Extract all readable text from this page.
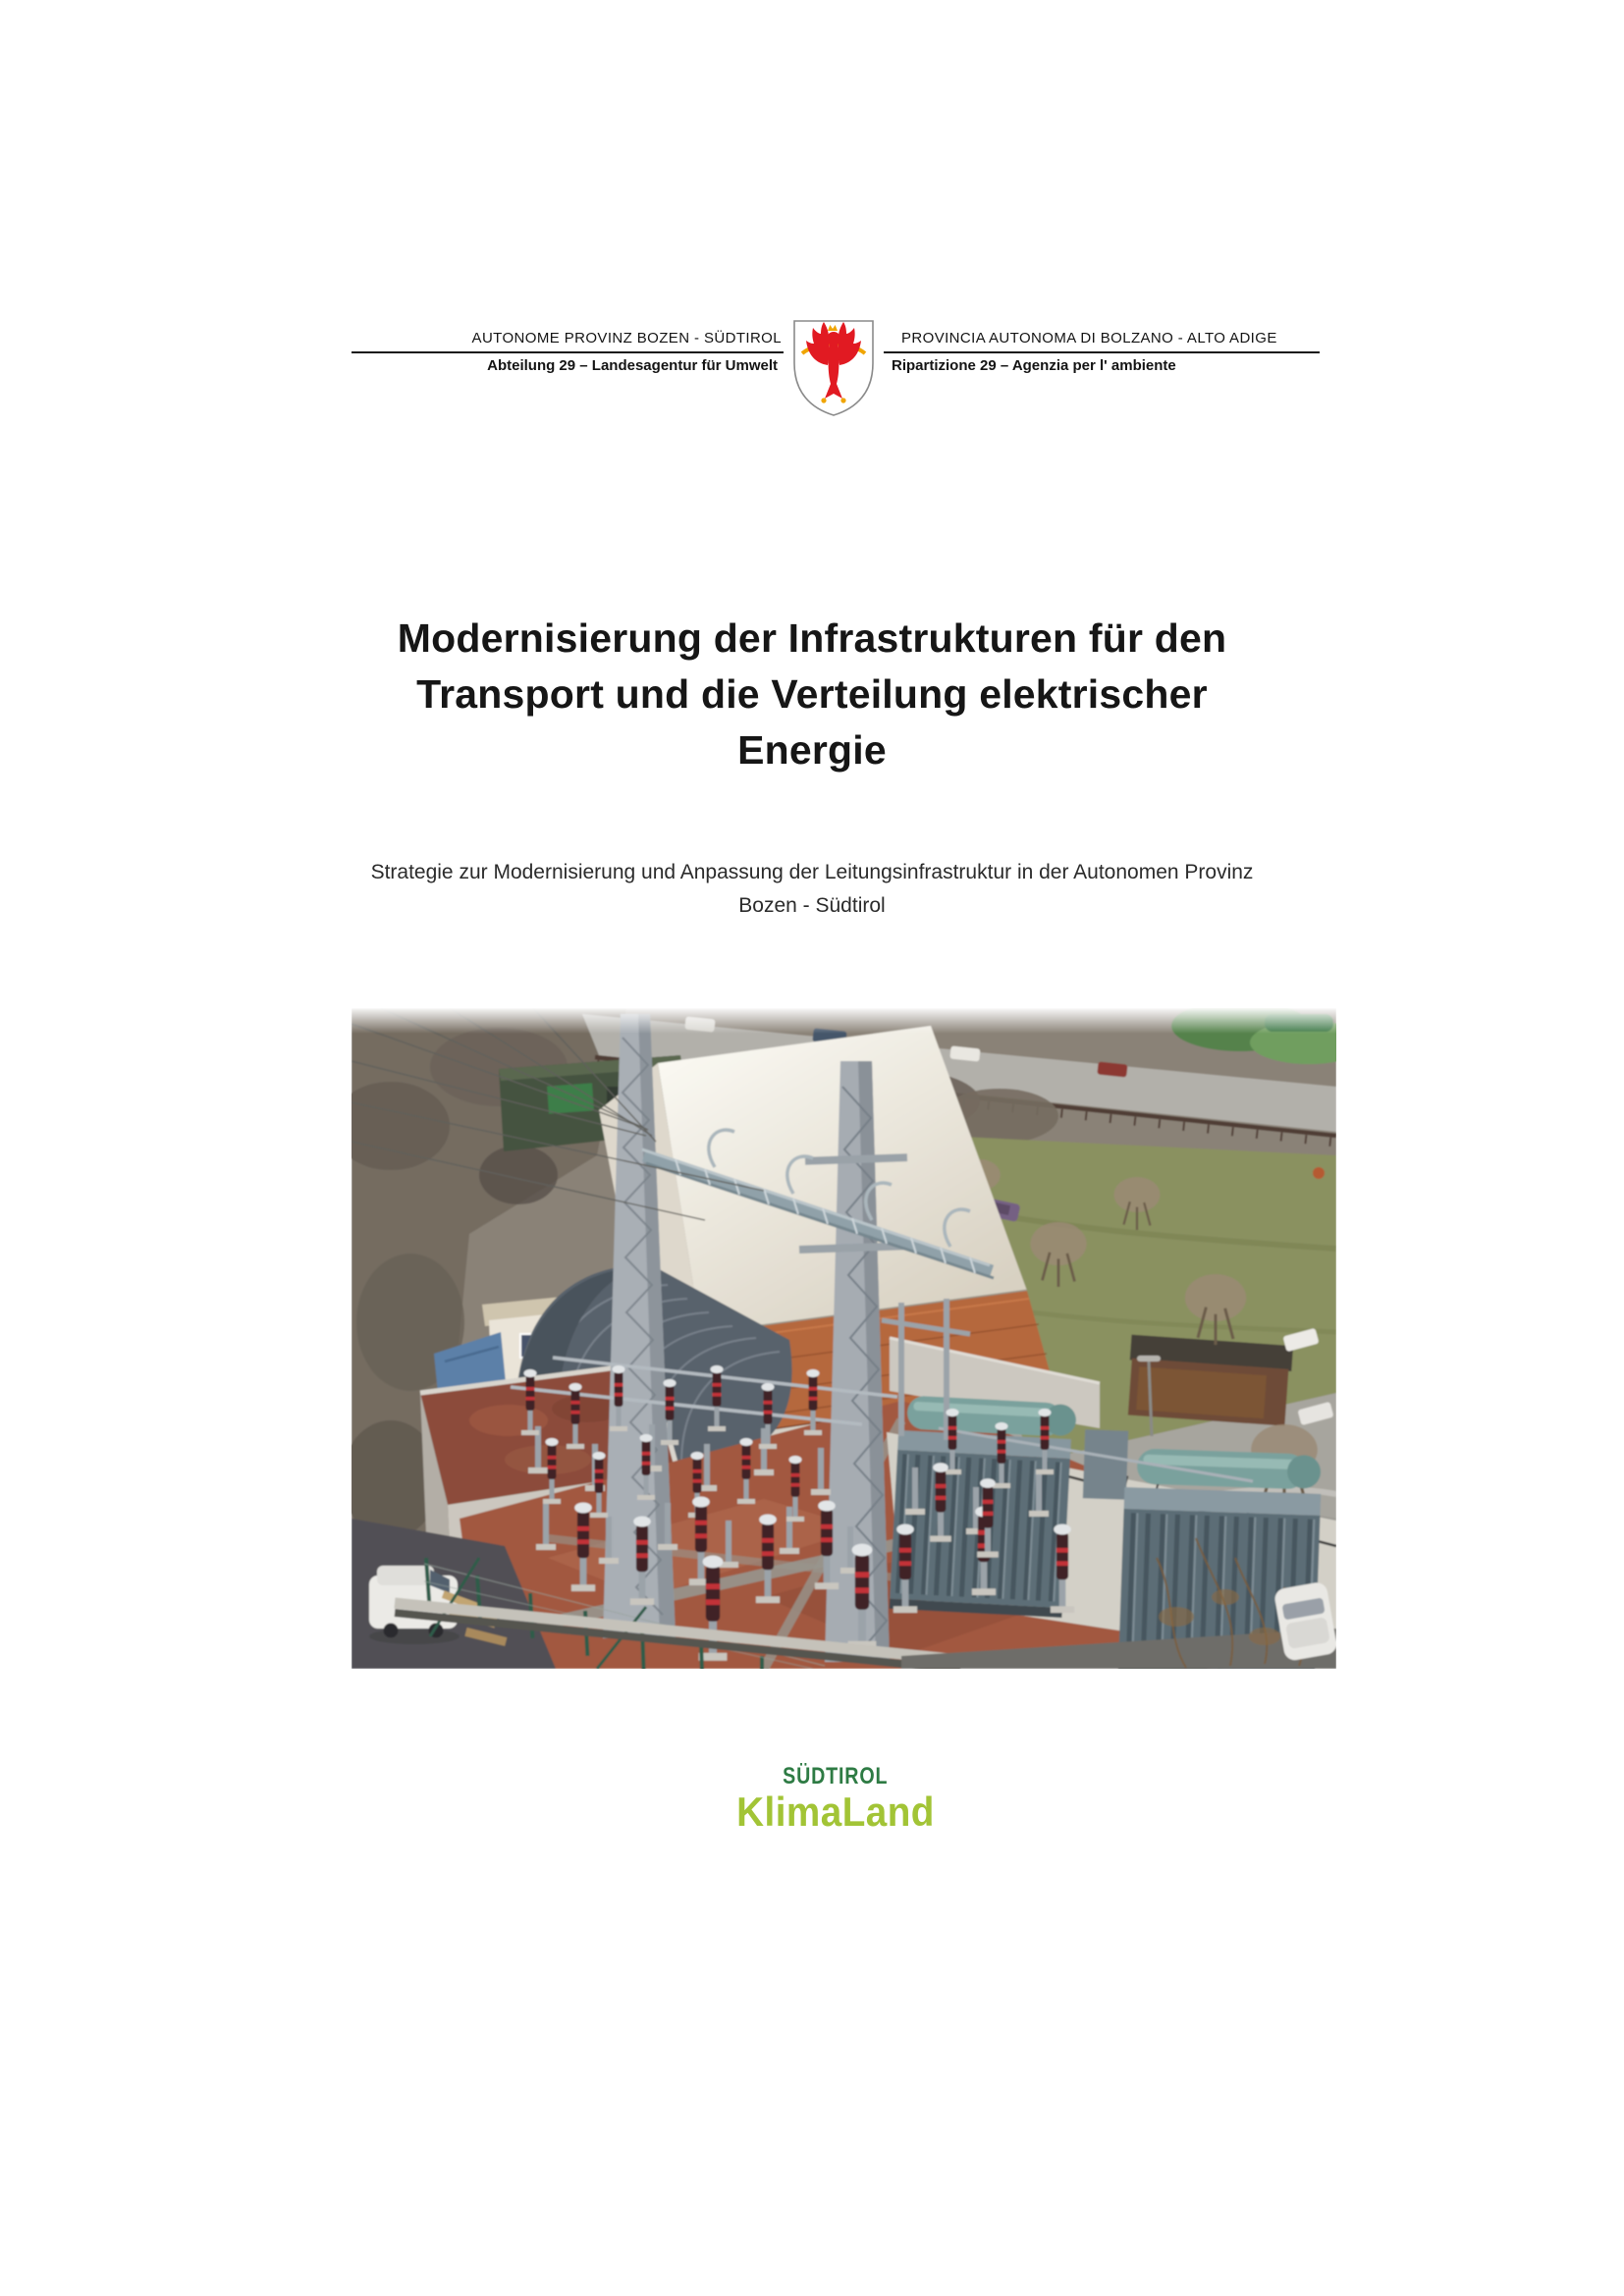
AUTONOME PROVINZ BOZEN - SÜDTIROL
Abteilung 29 – Landesagentur für Umwelt
PROVINCIA AUTONOMA DI BOLZANO - ALTO ADIGE
Ripartizione 29 – Agenzia per l' ambiente
Modernisierung der Infrastrukturen für den
Transport und die Verteilung elektrischer
Energie
Strategie zur Modernisierung und Anpassung der Leitungsinfrastruktur in der Autonomen Provinz
Bozen - Südtirol
SÜDTIROL
KlimaLand
